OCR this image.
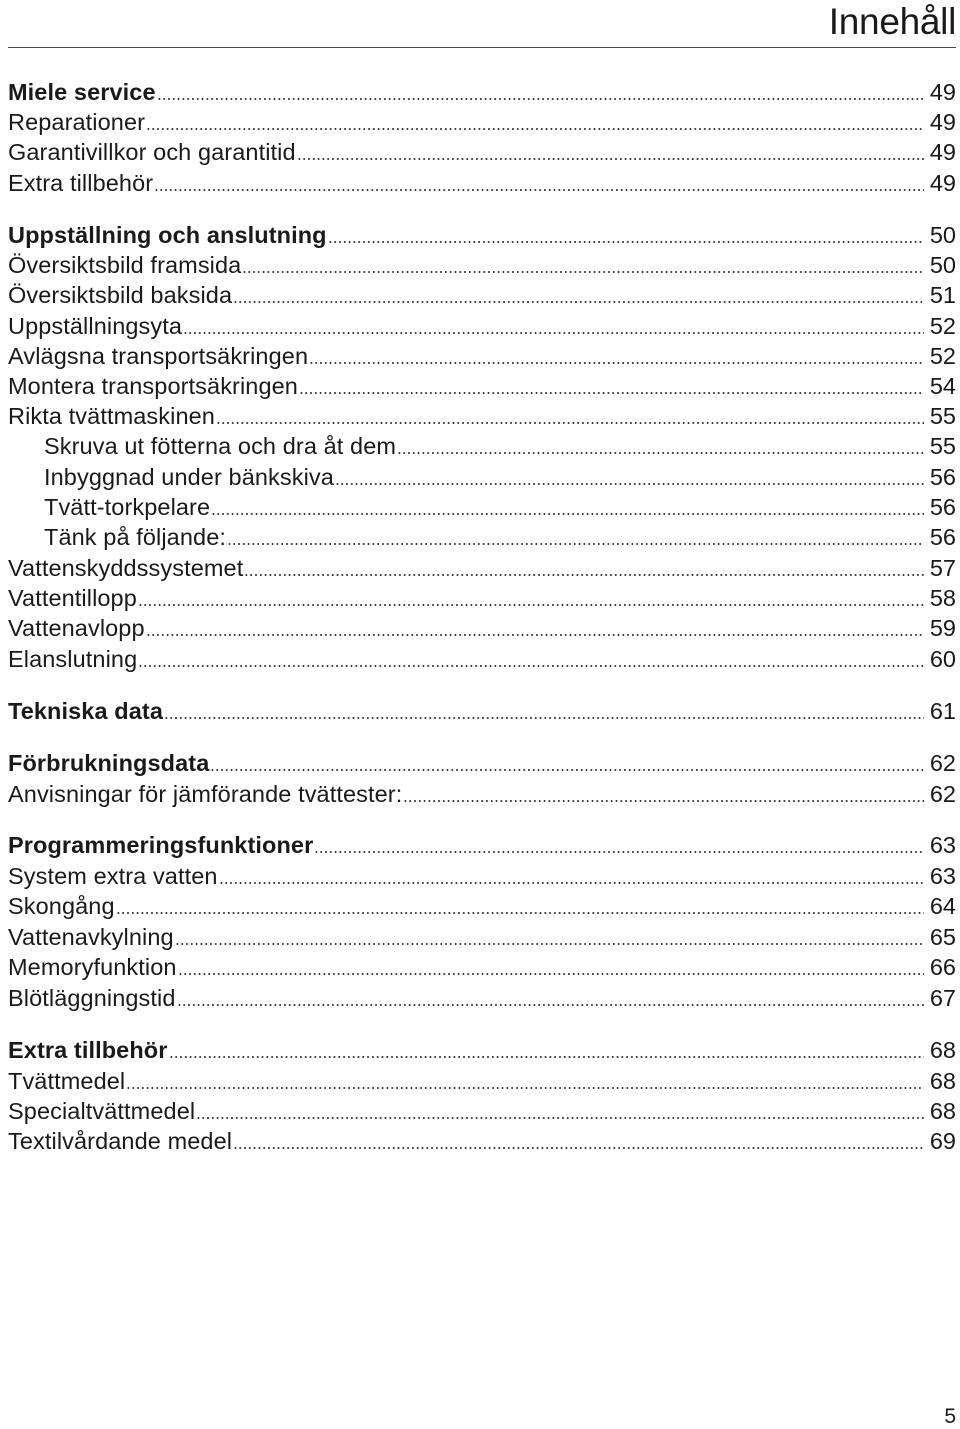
Innehåll
Miele service	49
Reparationer	49
Garantivillkor och garantitid	49
Extra tillbehör	49
Uppställning och anslutning	50
Översiktsbild framsida	50
Översiktsbild baksida	51
Uppställningsyta	52
Avlägsna transportsäkringen	52
Montera transportsäkringen	54
Rikta tvättmaskinen	55
Skruva ut fötterna och dra åt dem	55
Inbyggnad under bänkskiva	56
Tvätt-torkpelare	56
Tänk på följande:	56
Vattenskyddssystemet	57
Vattentillopp	58
Vattenavlopp	59
Elanslutning	60
Tekniska data	61
Förbrukningsdata	62
Anvisningar för jämförande tvättester:	62
Programmeringsfunktioner	63
System extra vatten	63
Skongång	64
Vattenavkylning	65
Memoryfunktion	66
Blötläggningstid	67
Extra tillbehör	68
Tvättmedel	68
Specialtvättmedel	68
Textilvårdande medel	69
5
